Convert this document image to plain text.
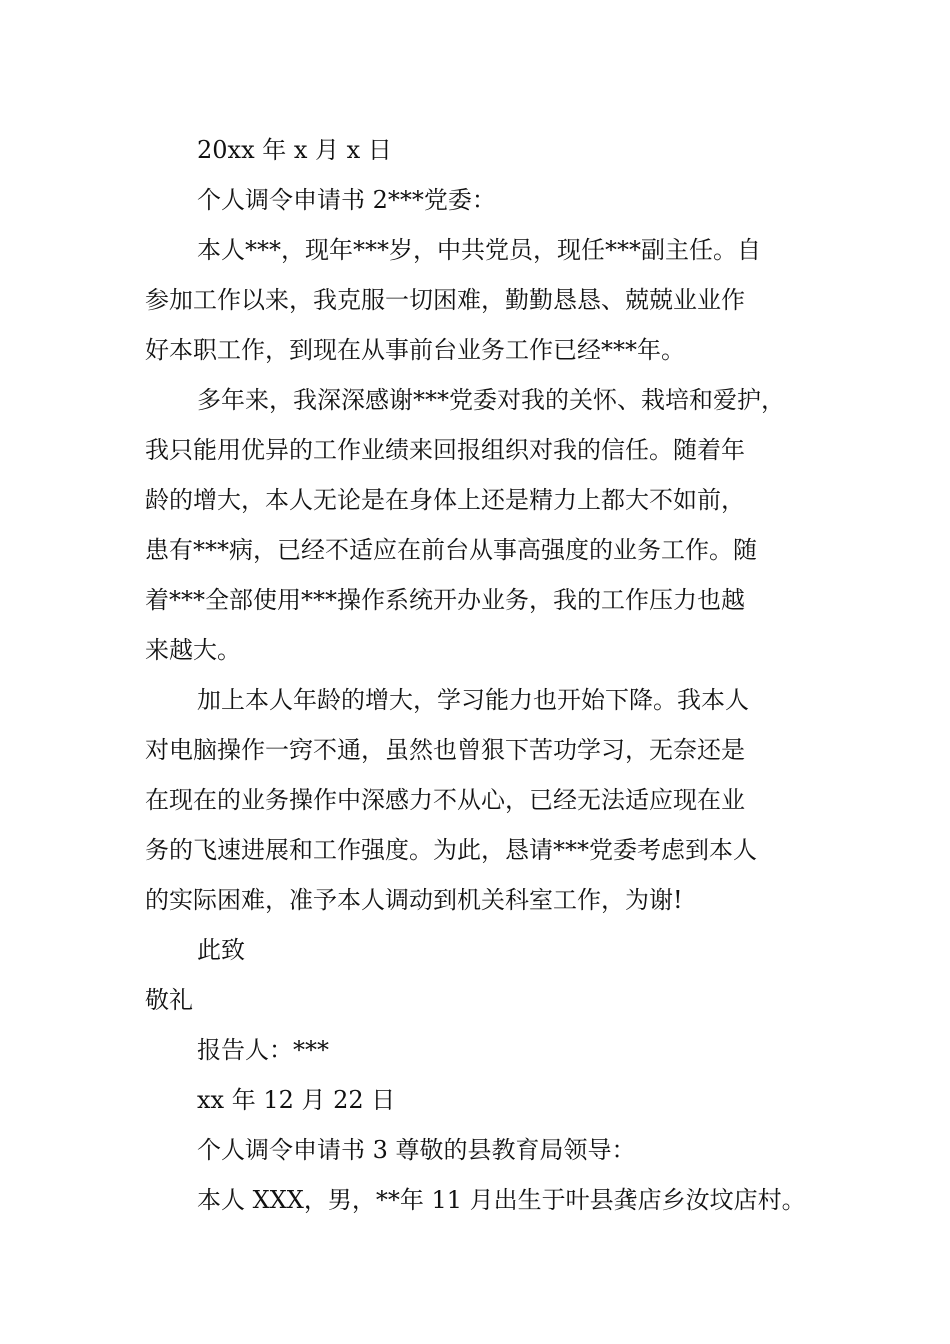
20xx 年 x 月 x 日
个人调令申请书 2***党委：
本人***，现年***岁，中共党员，现任***副主任。自
参加工作以来，我克服一切困难，勤勤恳恳、兢兢业业作
好本职工作，到现在从事前台业务工作已经***年。
多年来，我深深感谢***党委对我的关怀、栽培和爱护，
我只能用优异的工作业绩来回报组织对我的信任。随着年
龄的增大，本人无论是在身体上还是精力上都大不如前，
患有***病，已经不适应在前台从事高强度的业务工作。随
着***全部使用***操作系统开办业务，我的工作压力也越
来越大。
加上本人年龄的增大，学习能力也开始下降。我本人
对电脑操作一窍不通，虽然也曾狠下苦功学习，无奈还是
在现在的业务操作中深感力不从心，已经无法适应现在业
务的飞速进展和工作强度。为此，恳请***党委考虑到本人
的实际困难，准予本人调动到机关科室工作，为谢!
此致
敬礼
报告人：***
xx 年 12 月 22 日
个人调令申请书 3 尊敬的县教育局领导：
本人 XXX，男，**年 11 月出生于叶县龚店乡汝坟店村。
